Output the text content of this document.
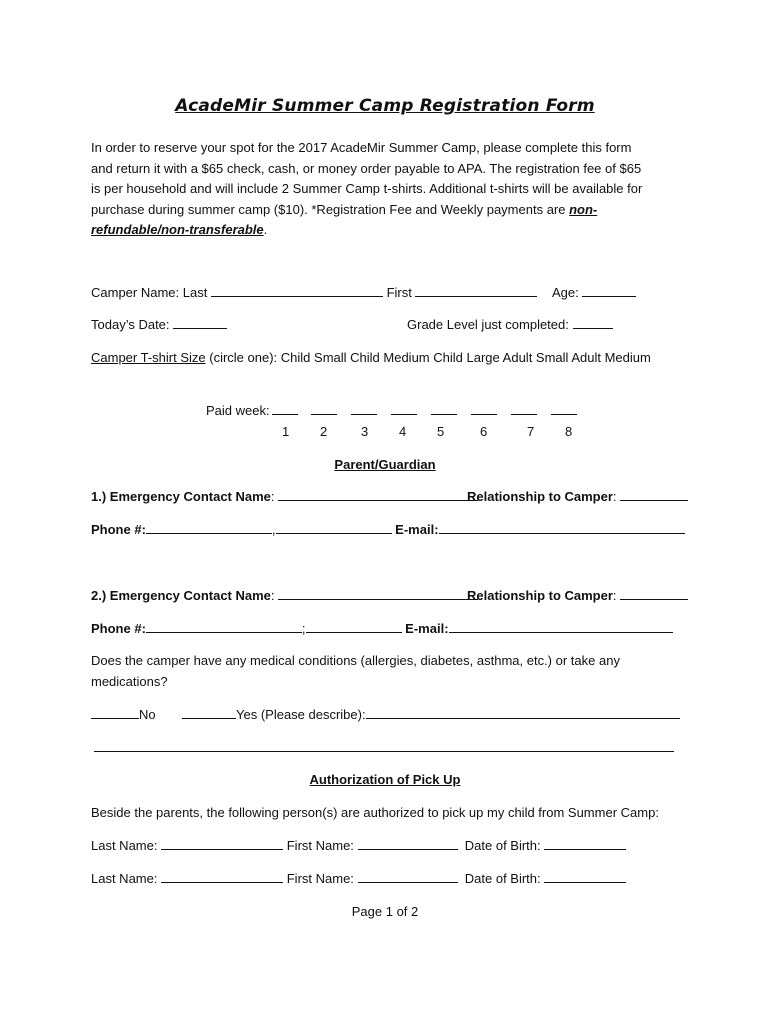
AcadeMir Summer Camp Registration Form
In order to reserve your spot for the 2017 AcadeMir Summer Camp, please complete this form and return it with a $65 check, cash, or money order payable to APA. The registration fee of $65 is per household and will include 2 Summer Camp t-shirts. Additional t-shirts will be available for purchase during summer camp ($10). *Registration Fee and Weekly payments are non-refundable/non-transferable.
Camper Name: Last	First	Age:
Today’s Date:	Grade Level just completed:
Camper T-shirt Size (circle one): Child Small Child Medium Child Large Adult Small Adult Medium
Paid week:
1 2	3 4 5	6	7 8
Parent/Guardian
1.) Emergency Contact Name:	Relationship to Camper:
Phone #:	,	E-mail:
2.) Emergency Contact Name:	Relationship to Camper:
Phone #:	;	E-mail:
Does the camper have any medical conditions (allergies, diabetes, asthma, etc.) or take any medications?
No	Yes (Please describe):
Authorization of Pick Up
Beside the parents, the following person(s) are authorized to pick up my child from Summer Camp:
Last Name:	First Name:	Date of Birth:
Last Name:	First Name:	Date of Birth:
Page 1 of 2
